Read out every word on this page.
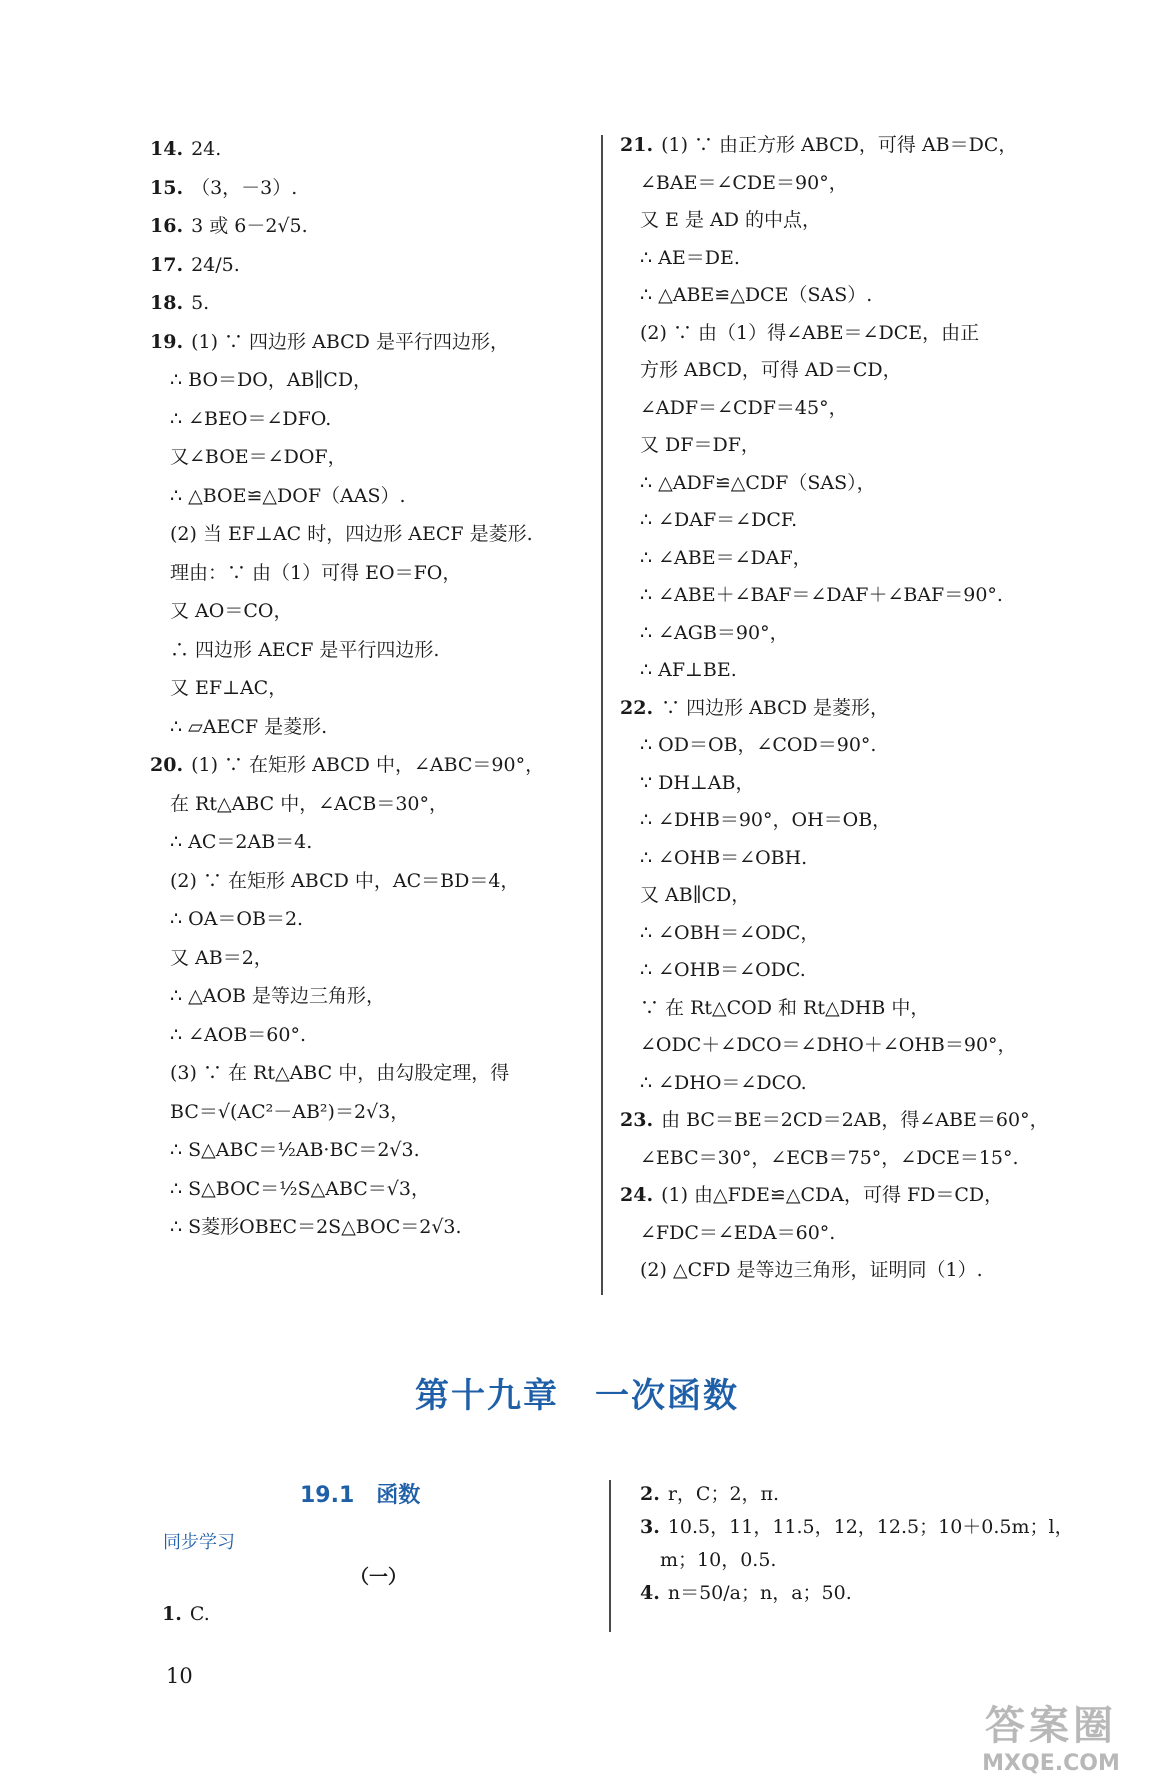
14. 24.
15. （3，－3）.
16. 3 或 6－2√5.
17. 24/5.
18. 5.
19. (1) ∵ 四边形 ABCD 是平行四边形，
∴ BO＝DO，AB∥CD，
∴ ∠BEO＝∠DFO.
又∠BOE＝∠DOF，
∴ △BOE≌△DOF（AAS）.
(2) 当 EF⊥AC 时，四边形 AECF 是菱形.
理由：∵ 由（1）可得 EO＝FO，
又 AO＝CO，
∴ 四边形 AECF 是平行四边形.
又 EF⊥AC，
∴ ▱AECF 是菱形.
20. (1) ∵ 在矩形 ABCD 中，∠ABC＝90°，
在 Rt△ABC 中，∠ACB＝30°，
∴ AC＝2AB＝4.
(2) ∵ 在矩形 ABCD 中，AC＝BD＝4，
∴ OA＝OB＝2.
又 AB＝2，
∴ △AOB 是等边三角形，
∴ ∠AOB＝60°.
(3) ∵ 在 Rt△ABC 中，由勾股定理，得
BC＝√(AC²－AB²)＝2√3，
∴ S△ABC＝½AB·BC＝2√3.
∴ S△BOC＝½S△ABC＝√3，
∴ S菱形OBEC＝2S△BOC＝2√3.
21. (1) ∵ 由正方形 ABCD，可得 AB＝DC，
∠BAE＝∠CDE＝90°，
又 E 是 AD 的中点，
∴ AE＝DE.
∴ △ABE≌△DCE（SAS）.
(2) ∵ 由（1）得∠ABE＝∠DCE，由正
方形 ABCD，可得 AD＝CD，
∠ADF＝∠CDF＝45°，
又 DF＝DF，
∴ △ADF≌△CDF（SAS），
∴ ∠DAF＝∠DCF.
∴ ∠ABE＝∠DAF，
∴ ∠ABE＋∠BAF＝∠DAF＋∠BAF＝90°.
∴ ∠AGB＝90°，
∴ AF⊥BE.
22. ∵ 四边形 ABCD 是菱形，
∴ OD＝OB，∠COD＝90°.
∵ DH⊥AB，
∴ ∠DHB＝90°，OH＝OB，
∴ ∠OHB＝∠OBH.
又 AB∥CD，
∴ ∠OBH＝∠ODC，
∴ ∠OHB＝∠ODC.
∵ 在 Rt△COD 和 Rt△DHB 中，
∠ODC＋∠DCO＝∠DHO＋∠OHB＝90°，
∴ ∠DHO＝∠DCO.
23. 由 BC＝BE＝2CD＝2AB，得∠ABE＝60°，
∠EBC＝30°，∠ECB＝75°，∠DCE＝15°.
24. (1) 由△FDE≌△CDA，可得 FD＝CD，
∠FDC＝∠EDA＝60°.
(2) △CFD 是等边三角形，证明同（1）.
第十九章　一次函数
19.1　函数
同步学习
（一）
1. C.
2. r，C；2，π.
3. 10.5，11，11.5，12，12.5；10＋0.5m；l，
m；10，0.5.
4. n＝50/a；n，a；50.
10
答案圈
MXQE.COM
